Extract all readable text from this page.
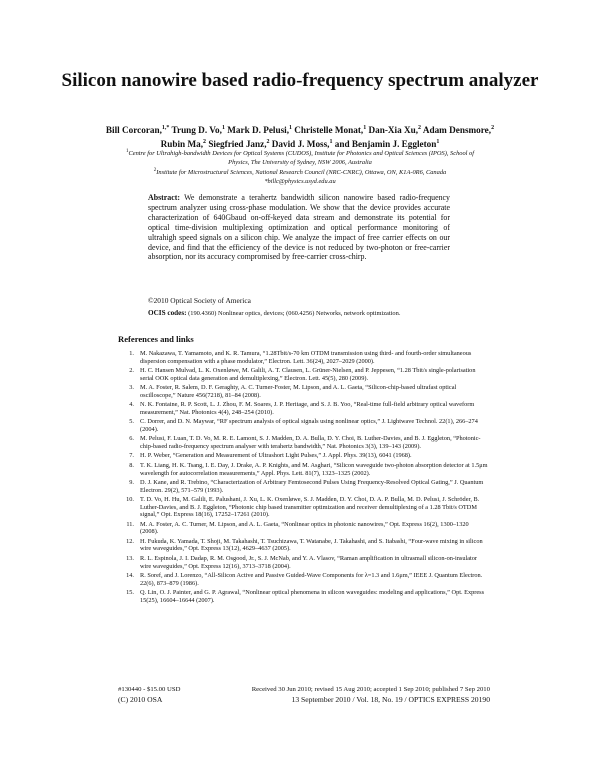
Silicon nanowire based radio-frequency spectrum analyzer
Bill Corcoran,$^{1,*}$ Trung D. Vo,$^1$ Mark D. Pelusi,$^1$ Christelle Monat,$^1$ Dan-Xia Xu,$^2$ Adam Densmore,$^2$ Rubin Ma,$^2$ Siegfried Janz,$^2$ David J. Moss,$^1$ and Benjamin J. Eggleton$^1$
$^1$Centre for Ultrahigh-bandwidth Devices for Optical Systems (CUDOS), Institute for Photonics and Optical Sciences (IPOS), School of Physics, The University of Sydney, NSW 2006, Australia
$^2$Institute for Microstructural Sciences, National Research Council (NRC-CNRC), Ottawa, ON, K1A-0R6, Canada
*billc@physics.usyd.edu.au
Abstract: We demonstrate a terahertz bandwidth silicon nanowire based radio-frequency spectrum analyzer using cross-phase modulation. We show that the device provides accurate characterization of 640Gbaud on-off-keyed data stream and demonstrate its potential for optical time-division multiplexing optimization and optical performance monitoring of ultrahigh speed signals on a silicon chip. We analyze the impact of free carrier effects on our device, and find that the efficiency of the device is not reduced by two-photon or free-carrier absorption, nor its accuracy compromised by free-carrier cross-chirp.
©2010 Optical Society of America
OCIS codes: (190.4360) Nonlinear optics, devices; (060.4256) Networks, network optimization.
References and links
1. M. Nakazawa, T. Yamamoto, and K. R. Tamura, “1.28Tbit/s-70 km OTDM transmission using third- and fourth-order simultaneous dispersion compensation with a phase modulator,” Electron. Lett. 36(24), 2027–2029 (2000).
2. H. C. Hansen Mulvad, L. K. Oxenløwe, M. Galili, A. T. Clausen, L. Grüner-Nielsen, and P. Jeppesen, “1.28 Tbit/s single-polarisation serial OOK optical data generation and demultiplexing,” Electron. Lett. 45(5), 280 (2009).
3. M. A. Foster, R. Salem, D. F. Geraghty, A. C. Turner-Foster, M. Lipson, and A. L. Gaeta, “Silicon-chip-based ultrafast optical oscilloscope,” Nature 456(7218), 81–84 (2008).
4. N. K. Fontaine, R. P. Scott, L. J. Zhou, F. M. Soares, J. P. Heritage, and S. J. B. Yoo, “Real-time full-field arbitrary optical waveform measurement,” Nat. Photonics 4(4), 248–254 (2010).
5. C. Dorrer, and D. N. Maywar, “RF spectrum analysis of optical signals using nonlinear optics,” J. Lightwave Technol. 22(1), 266–274 (2004).
6. M. Pelusi, F. Luan, T. D. Vo, M. R. E. Lamont, S. J. Madden, D. A. Bulla, D. Y. Choi, B. Luther-Davies, and B. J. Eggleton, “Photonic-chip-based radio-frequency spectrum analyser with terahertz bandwidth,” Nat. Photonics 3(3), 139–143 (2009).
7. H. P. Weber, “Generation and Measurement of Ultrashort Light Pulses,” J. Appl. Phys. 39(13), 6041 (1968).
8. T. K. Liang, H. K. Tsang, I. E. Day, J. Drake, A. P. Knights, and M. Asghari, “Silicon waveguide two-photon absorption detector at 1.5μm wavelength for autocorrelation measurements,” Appl. Phys. Lett. 81(7), 1323–1325 (2002).
9. D. J. Kane, and R. Trebino, “Characterization of Arbitrary Femtosecond Pulses Using Frequency-Resolved Optical Gating,” J. Quantum Electron. 29(2), 571–579 (1993).
10. T. D. Vo, H. Hu, M. Galili, E. Palushani, J. Xu, L. K. Oxenløwe, S. J. Madden, D. Y. Choi, D. A. P. Bulla, M. D. Pelusi, J. Schröder, B. Luther-Davies, and B. J. Eggleton, “Photonic chip based transmitter optimization and receiver demultiplexing of a 1.28 Tbit/s OTDM signal,” Opt. Express 18(16), 17252–17261 (2010).
11. M. A. Foster, A. C. Turner, M. Lipson, and A. L. Gaeta, “Nonlinear optics in photonic nanowires,” Opt. Express 16(2), 1300–1320 (2008).
12. H. Fukuda, K. Yamada, T. Shoji, M. Takahashi, T. Tsuchizawa, T. Watanabe, J. Takahashi, and S. Itabashi, “Four-wave mixing in silicon wire waveguides,” Opt. Express 13(12), 4629–4637 (2005).
13. R. L. Espinola, J. I. Dadap, R. M. Osgood, Jr., S. J. McNab, and Y. A. Vlasov, “Raman amplification in ultrasmall silicon-on-insulator wire waveguides,” Opt. Express 12(16), 3713–3718 (2004).
14. R. Soref, and J. Lorenzo, “All-Silicon Active and Passive Guided-Wave Components for λ=1.3 and 1.6μm,” IEEE J. Quantum Electron. 22(6), 873–879 (1986).
15. Q. Lin, O. J. Painter, and G. P. Agrawal, “Nonlinear optical phenomena in silicon waveguides: modeling and applications,” Opt. Express 15(25), 16604–16644 (2007).
#130440 - $15.00 USD	Received 30 Jun 2010; revised 15 Aug 2010; accepted 1 Sep 2010; published 7 Sep 2010
(C) 2010 OSA	13 September 2010 / Vol. 18, No. 19 / OPTICS EXPRESS 20190
